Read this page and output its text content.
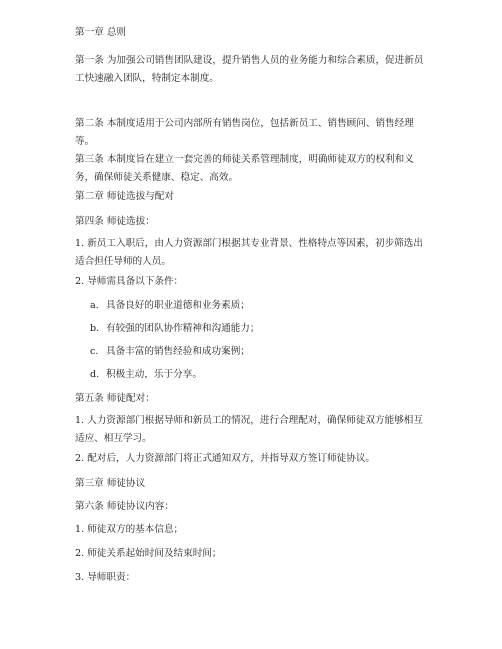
第一章 总则

第一条 为加强公司销售团队建设，提升销售人员的业务能力和综合素质，促进新员工快速融入团队，特制定本制度。

第二条 本制度适用于公司内部所有销售岗位，包括新员工、销售顾问、销售经理等。

第三条 本制度旨在建立一套完善的师徒关系管理制度，明确师徒双方的权利和义务，确保师徒关系健康、稳定、高效。

第二章 师徒选拔与配对

第四条 师徒选拔：

1. 新员工入职后，由人力资源部门根据其专业背景、性格特点等因素，初步筛选出适合担任导师的人员。

2. 导师需具备以下条件：

a. 具备良好的职业道德和业务素质；

b. 有较强的团队协作精神和沟通能力；

c. 具备丰富的销售经验和成功案例；

d. 积极主动，乐于分享。

第五条 师徒配对：

1. 人力资源部门根据导师和新员工的情况，进行合理配对，确保师徒双方能够相互适应、相互学习。

2. 配对后，人力资源部门将正式通知双方，并指导双方签订师徒协议。

第三章 师徒协议

第六条 师徒协议内容：

1. 师徒双方的基本信息；

2. 师徒关系起始时间及结束时间；

3. 导师职责：
